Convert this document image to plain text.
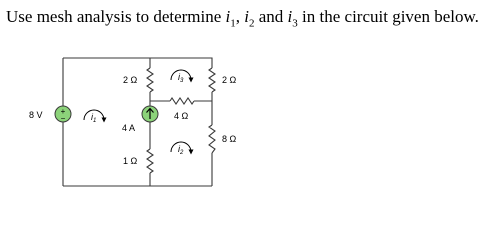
Use mesh analysis to determine $i_1$, $i_2$ and $i_3$ in the circuit given below.
+
−
8 V
4 A
2 Ω	2 Ω
4 Ω
1 Ω
8 Ω
$i_1$
$i_3$
$i_2$
